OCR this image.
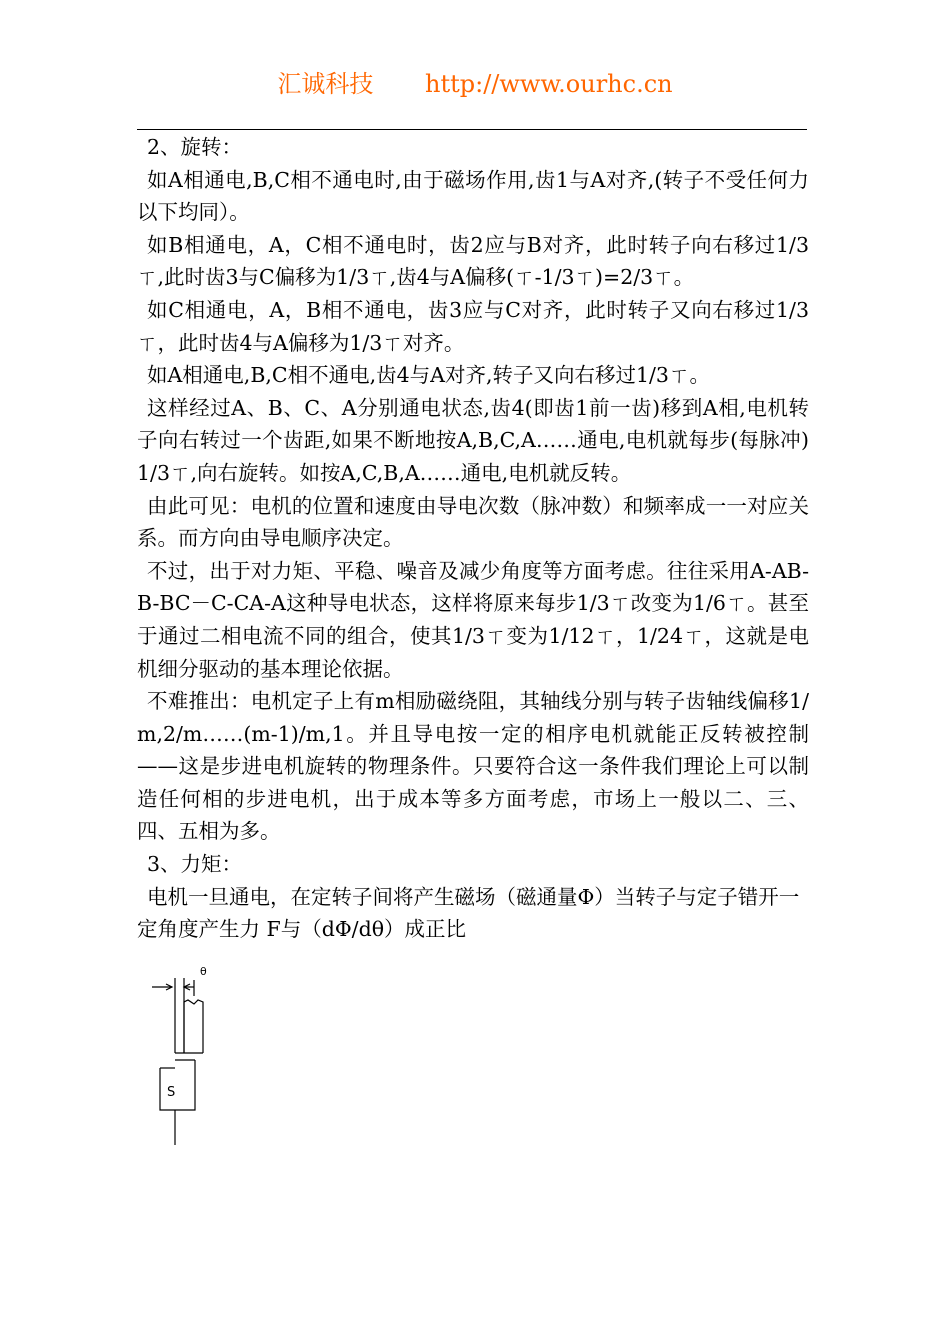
汇诚科技 http://www.ourhc.cn

2、旋转：

如A相通电,B,C相不通电时,由于磁场作用,齿1与A对齐,(转子不受任何力以下均同）。

如B相通电，A，C相不通电时，齿2应与B对齐，此时转子向右移过1/3ㄒ,此时齿3与C偏移为1/3ㄒ,齿4与A偏移(ㄒ-1/3ㄒ)=2/3ㄒ。

如C相通电，A，B相不通电，齿3应与C对齐，此时转子又向右移过1/3ㄒ，此时齿4与A偏移为1/3ㄒ对齐。

如A相通电,B,C相不通电,齿4与A对齐,转子又向右移过1/3ㄒ。

这样经过A、B、C、A分别通电状态,齿4(即齿1前一齿)移到A相,电机转子向右转过一个齿距,如果不断地按A,B,C,A……通电,电机就每步(每脉冲)1/3ㄒ,向右旋转。如按A,C,B,A……通电,电机就反转。

由此可见：电机的位置和速度由导电次数（脉冲数）和频率成一一对应关系。而方向由导电顺序决定。

不过，出于对力矩、平稳、噪音及减少角度等方面考虑。往往采用A-AB-B-BC－C-CA-A这种导电状态，这样将原来每步1/3ㄒ改变为1/6ㄒ。甚至于通过二相电流不同的组合，使其1/3ㄒ变为1/12ㄒ，1/24ㄒ，这就是电机细分驱动的基本理论依据。

不难推出：电机定子上有m相励磁绕阻，其轴线分别与转子齿轴线偏移1/m,2/m……(m-1)/m,1。并且导电按一定的相序电机就能正反转被控制——这是步进电机旋转的物理条件。只要符合这一条件我们理论上可以制造任何相的步进电机，出于成本等多方面考虑，市场上一般以二、三、四、五相为多。

3、力矩：

电机一旦通电，在定转子间将产生磁场（磁通量Φ）当转子与定子错开一定角度产生力 F与（dΦ/dθ）成正比

θ
S
